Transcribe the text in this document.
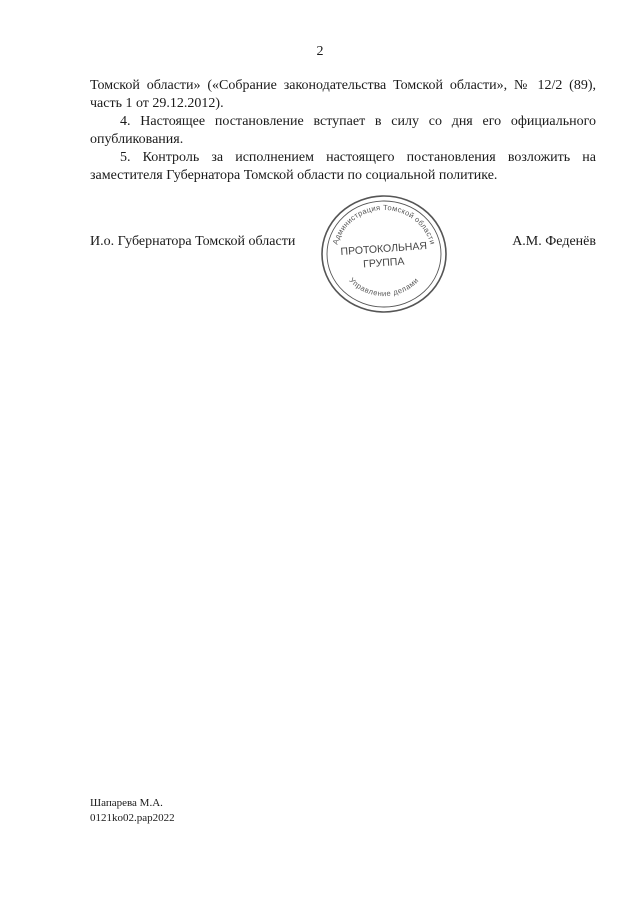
2

Томской области» («Собрание законодательства Томской области», № 12/2 (89), часть 1 от 29.12.2012).

4. Настоящее постановление вступает в силу со дня его официального опубликования.

5. Контроль за исполнением настоящего постановления возложить на заместителя Губернатора Томской области по социальной политике.

И.о. Губернатора Томской области	Администрация Томской области
Управление делами
ПРОТОКОЛЬНАЯ
ГРУППА
А.М. Феденёв
Шапарева М.А.
0121ko02.pap2022
